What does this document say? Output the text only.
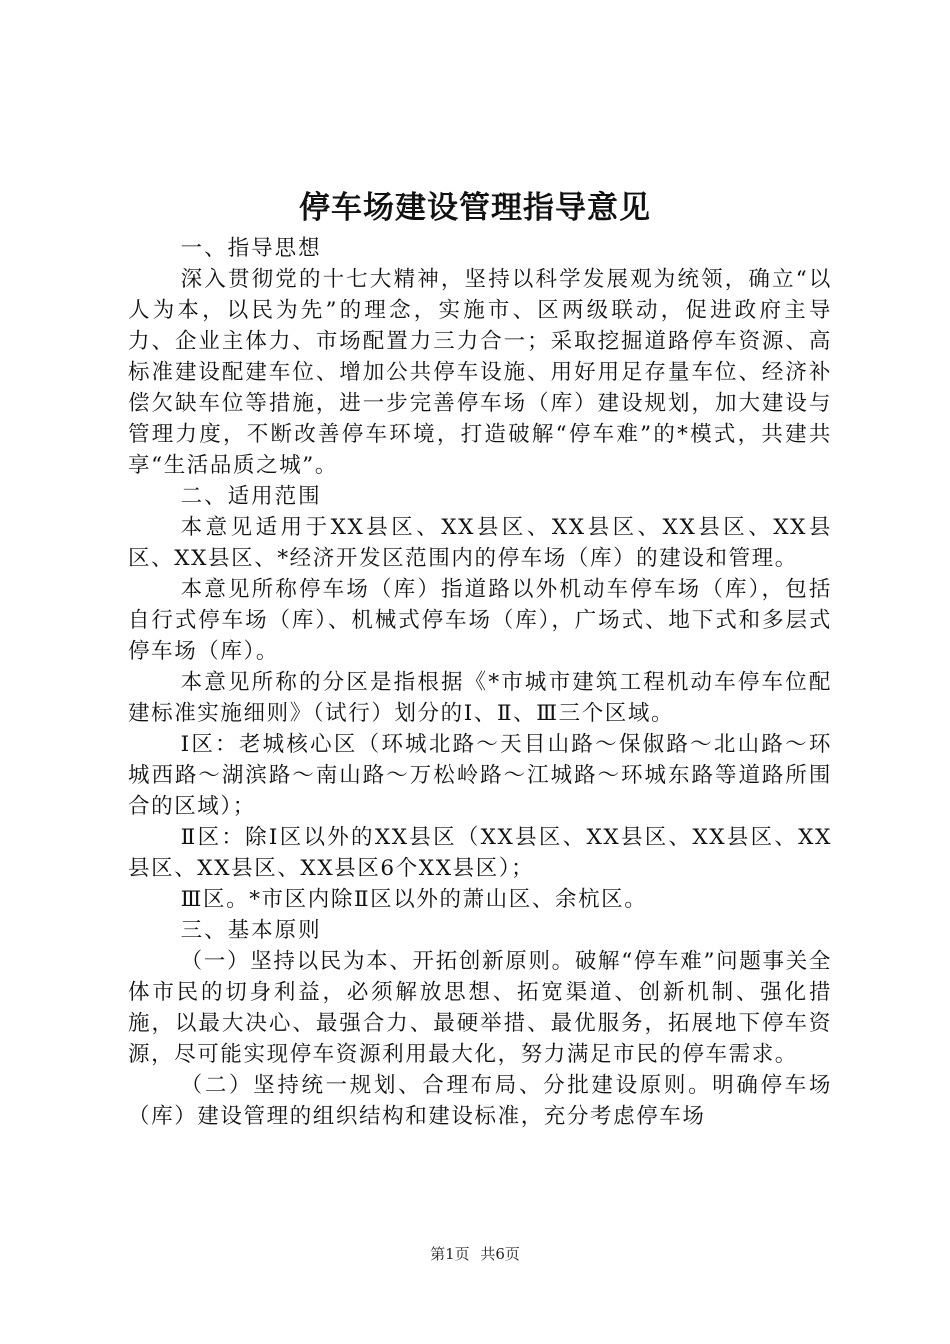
停车场建设管理指导意见

一、指导思想

深入贯彻党的十七大精神，坚持以科学发展观为统领，确立“以人为本，以民为先”的理念，实施市、区两级联动，促进政府主导力、企业主体力、市场配置力三力合一；采取挖掘道路停车资源、高标准建设配建车位、增加公共停车设施、用好用足存量车位、经济补偿欠缺车位等措施，进一步完善停车场（库）建设规划，加大建设与管理力度，不断改善停车环境，打造破解“停车难”的*模式，共建共享“生活品质之城”。

二、适用范围

本意见适用于XX县区、XX县区、XX县区、XX县区、XX县区、XX县区、*经济开发区范围内的停车场（库）的建设和管理。

本意见所称停车场（库）指道路以外机动车停车场（库），包括自行式停车场（库）、机械式停车场（库），广场式、地下式和多层式停车场（库）。

本意见所称的分区是指根据《*市城市建筑工程机动车停车位配建标准实施细则》（试行）划分的Ⅰ、Ⅱ、Ⅲ三个区域。

Ⅰ区：老城核心区（环城北路～天目山路～保俶路～北山路～环城西路～湖滨路～南山路～万松岭路～江城路～环城东路等道路所围合的区域）；

Ⅱ区：除Ⅰ区以外的XX县区（XX县区、XX县区、XX县区、XX县区、XX县区、XX县区6个XX县区）；

Ⅲ区。*市区内除Ⅱ区以外的萧山区、余杭区。

三、基本原则

（一）坚持以民为本、开拓创新原则。破解“停车难”问题事关全体市民的切身利益，必须解放思想、拓宽渠道、创新机制、强化措施，以最大决心、最强合力、最硬举措、最优服务，拓展地下停车资源，尽可能实现停车资源利用最大化，努力满足市民的停车需求。

（二）坚持统一规划、合理布局、分批建设原则。明确停车场（库）建设管理的组织结构和建设标准，充分考虑停车场

第1页 共6页
